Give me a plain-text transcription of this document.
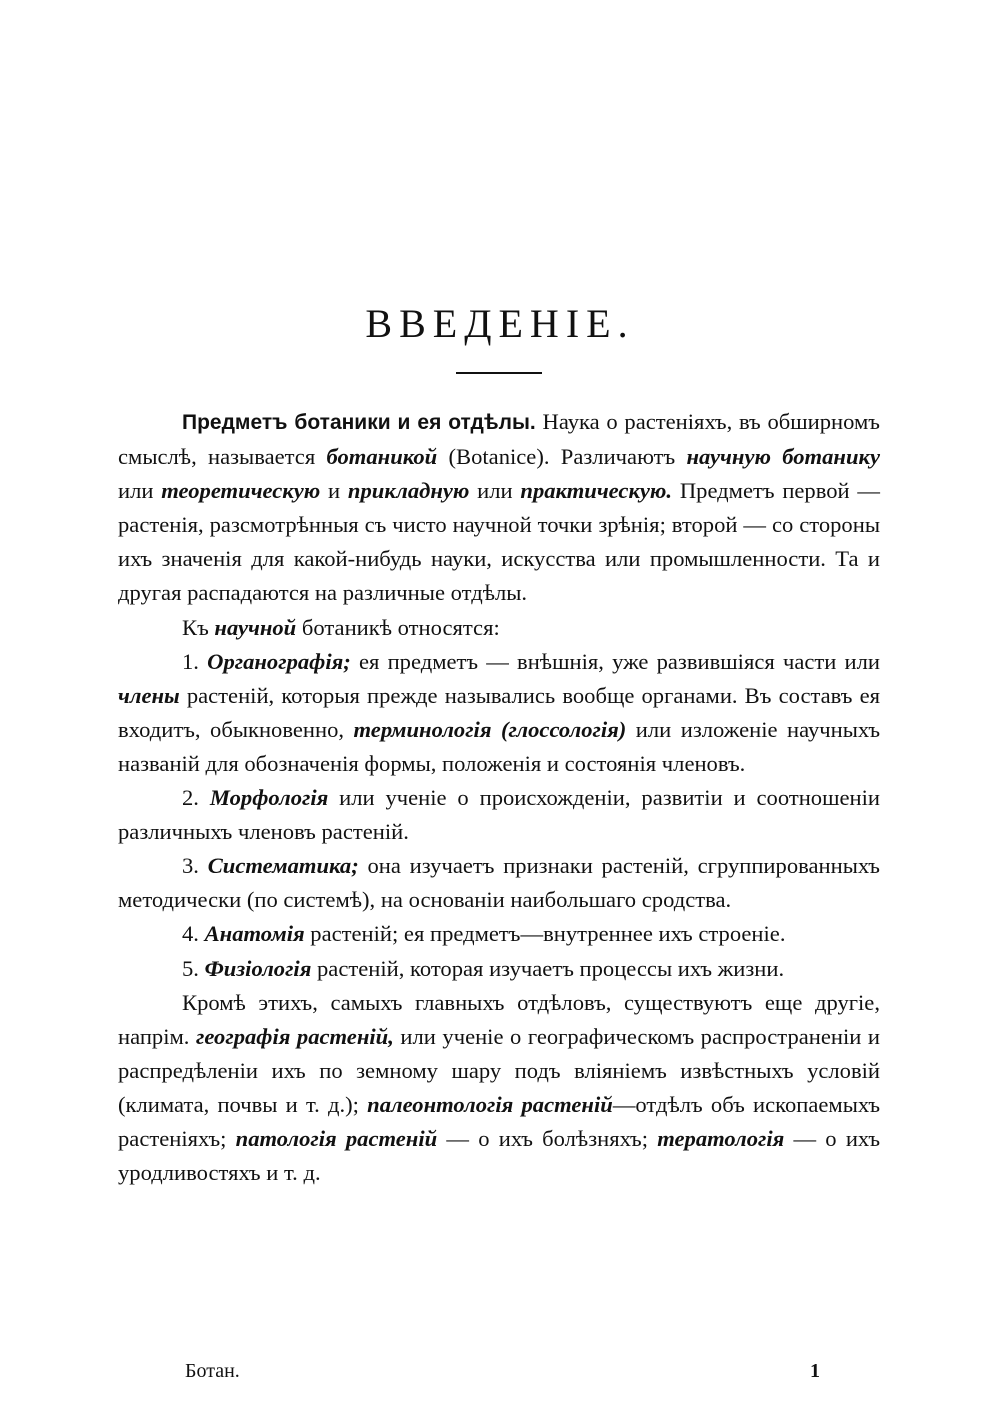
ВВЕДЕНІЕ.

Предметъ ботаники и ея отдѣлы. Наука о растеніяхъ, въ обширномъ смыслѣ, называется ботаникой (Botanice). Различаютъ научную ботанику или теоретическую и прикладную или практическую. Предметъ первой — растенія, разсмотрѣнныя съ чисто научной точки зрѣнія; второй — со стороны ихъ значенія для какой-нибудь науки, искусства или промышленности. Та и другая распадаются на различные отдѣлы.

Къ научной ботаникѣ относятся:

1. Органографія; ея предметъ — внѣшнія, уже развившіяся части или члены растеній, которыя прежде назывались вообще органами. Въ составъ ея входитъ, обыкновенно, терминологія (глоссологія) или изложеніе научныхъ названій для обозначенія формы, положенія и состоянія членовъ.

2. Морфологія или ученіе о происхожденіи, развитіи и соотношеніи различныхъ членовъ растеній.

3. Систематика; она изучаетъ признаки растеній, сгруппированныхъ методически (по системѣ), на основаніи наибольшаго сродства.

4. Анатомія растеній; ея предметъ—внутреннее ихъ строеніе.

5. Физіологія растеній, которая изучаетъ процессы ихъ жизни.

Кромѣ этихъ, самыхъ главныхъ отдѣловъ, существуютъ еще другіе, напрім. географія растеній, или ученіе о географическомъ распространеніи и распредѣленіи ихъ по земному шару подъ вліяніемъ извѣстныхъ условій (климата, почвы и т. д.); палеонтологія растеній—отдѣлъ объ ископаемыхъ растеніяхъ; патологія растеній — о ихъ болѣзняхъ; тератологія — о ихъ уродливостяхъ и т. д.

Ботан.	1
